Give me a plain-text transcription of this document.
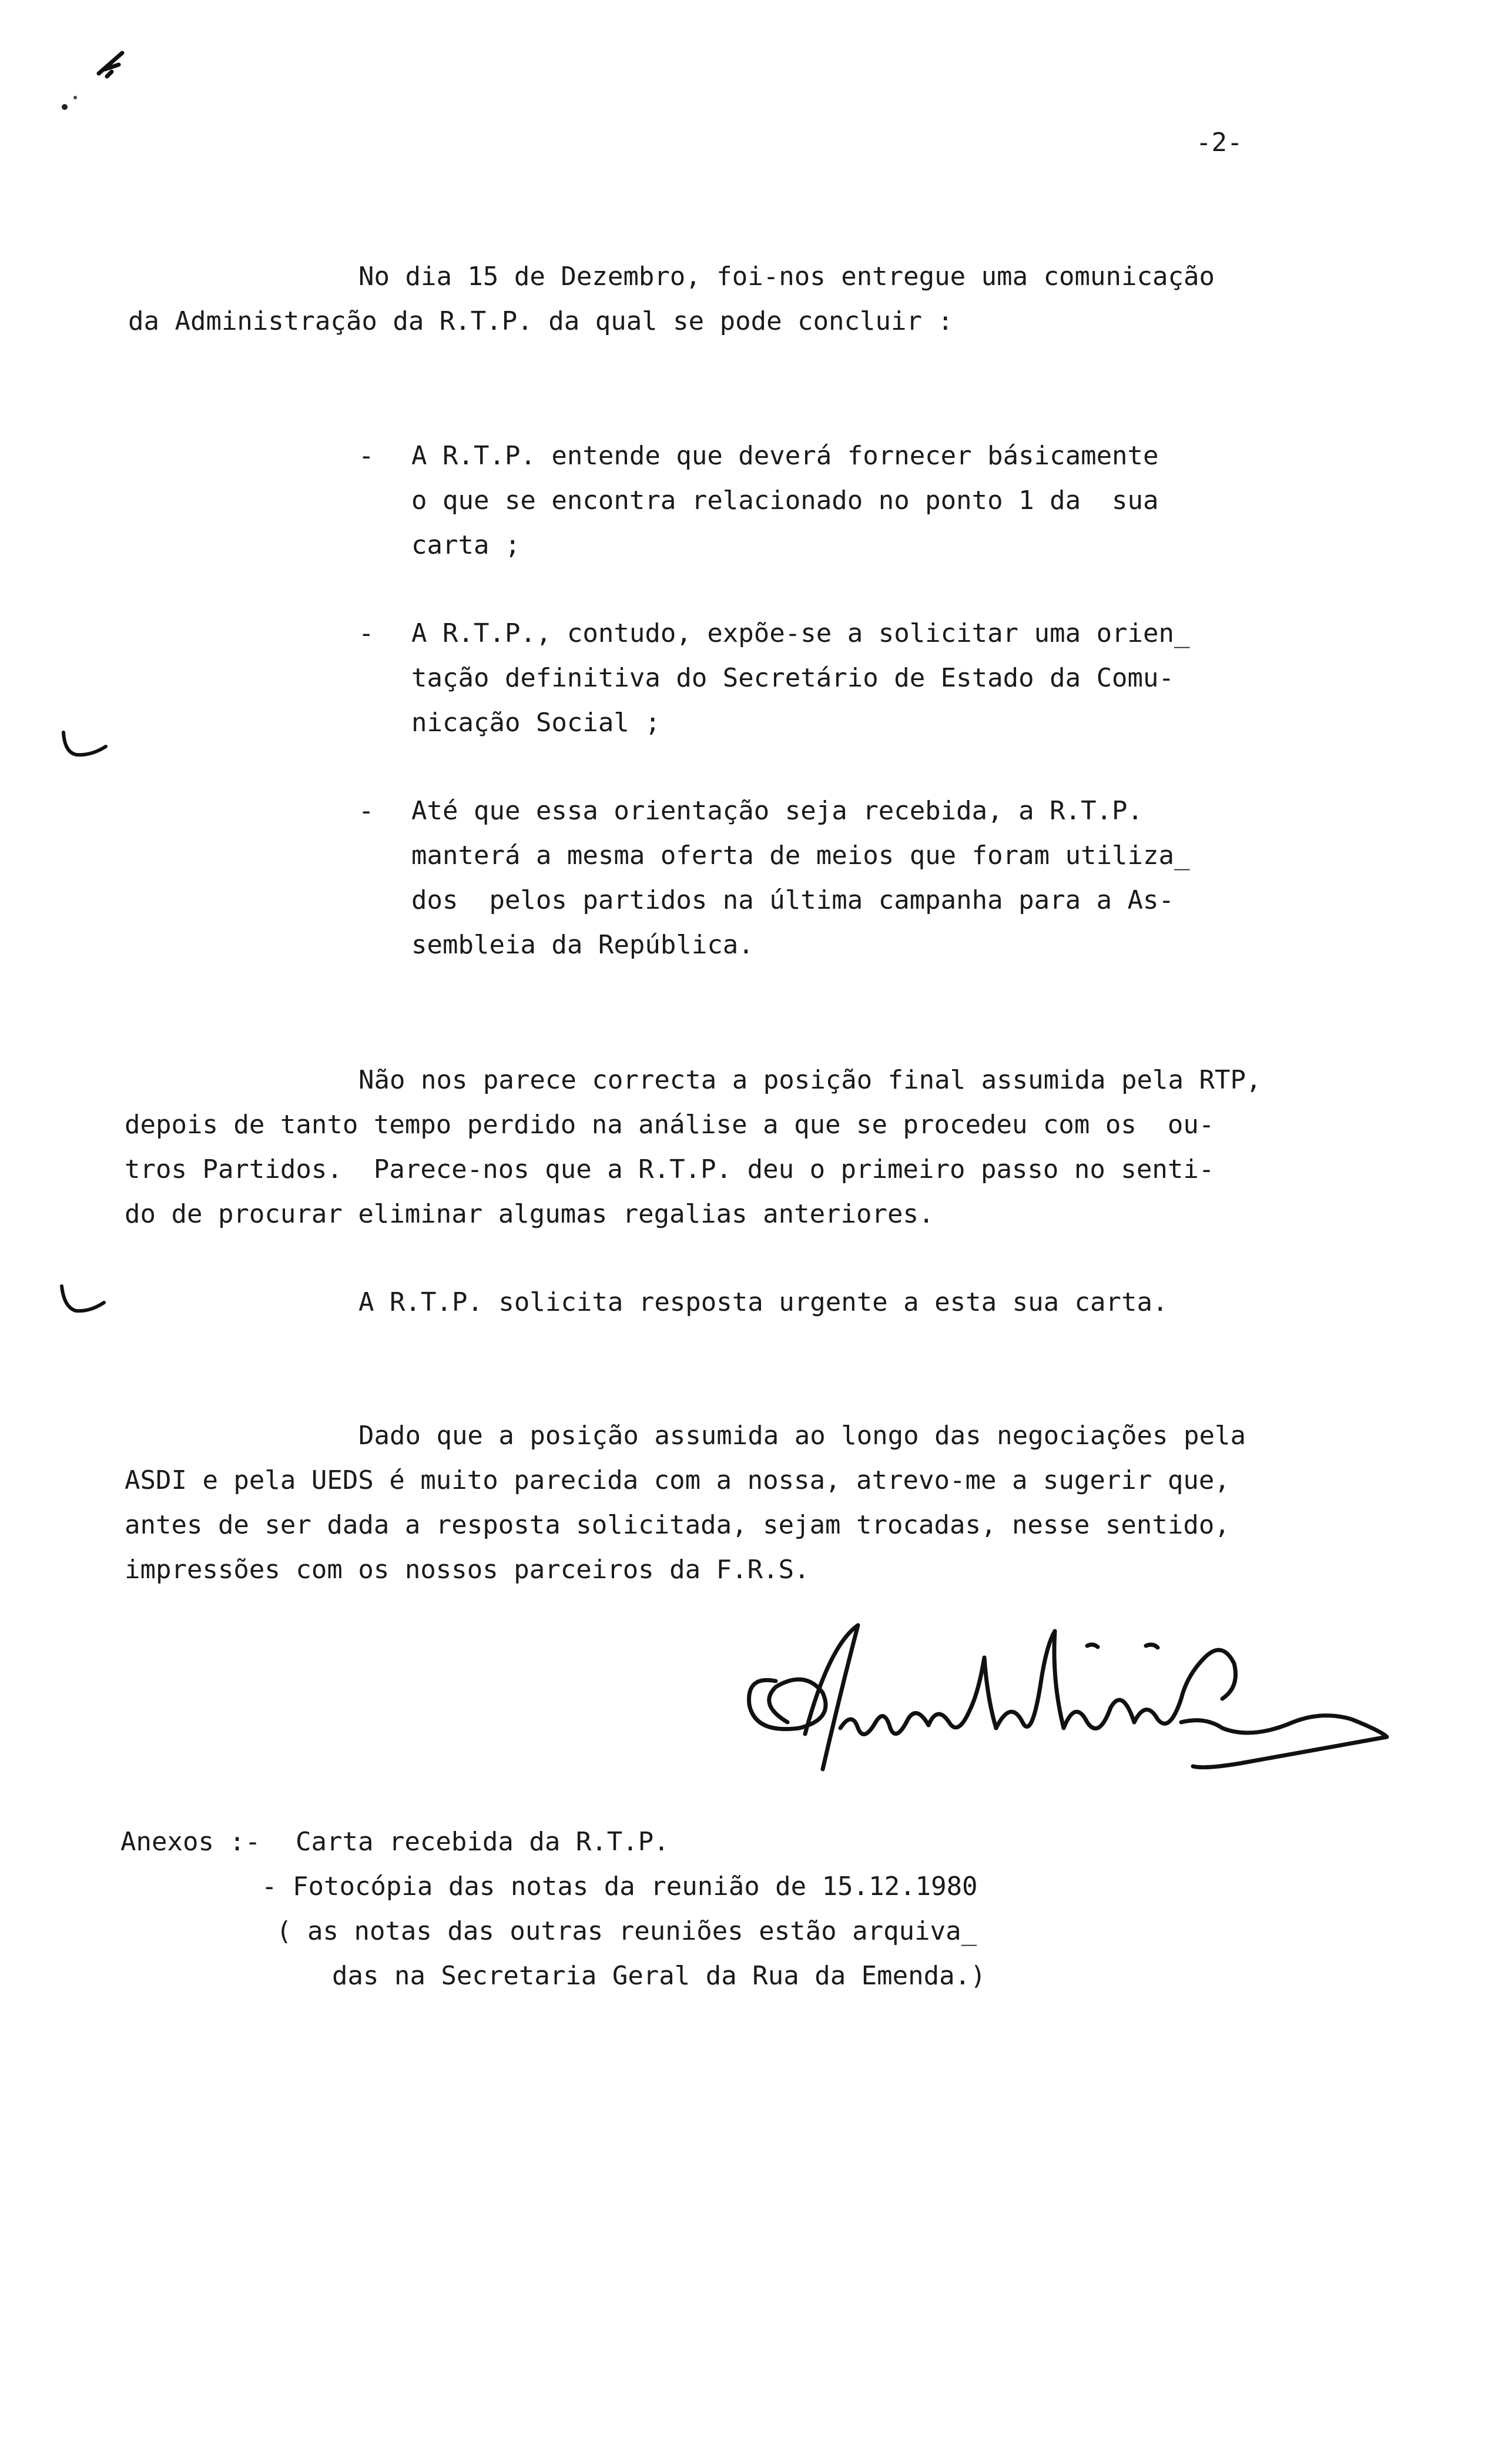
-2-
No dia 15 de Dezembro, foi-nos entregue uma comunicação
da Administração da R.T.P. da qual se pode concluir :
- A R.T.P. entende que deverá fornecer básicamente
o que se encontra relacionado no ponto 1 da  sua
carta ;
- A R.T.P., contudo, expõe-se a solicitar uma orien̲
tação definitiva do Secretário de Estado da Comu-
nicação Social ;
- Até que essa orientação seja recebida, a R.T.P.
manterá a mesma oferta de meios que foram utiliza̲
dos  pelos partidos na última campanha para a As-
sembleia da República.
Não nos parece correcta a posição final assumida pela RTP,
depois de tanto tempo perdido na análise a que se procedeu com os  ou-
tros Partidos.  Parece-nos que a R.T.P. deu o primeiro passo no senti-
do de procurar eliminar algumas regalias anteriores.
A R.T.P. solicita resposta urgente a esta sua carta.
Dado que a posição assumida ao longo das negociações pela
ASDI e pela UEDS é muito parecida com a nossa, atrevo-me a sugerir que,
antes de ser dada a resposta solicitada, sejam trocadas, nesse sentido,
impressões com os nossos parceiros da F.R.S.
Anexos :- Carta recebida da R.T.P.
- Fotocópia das notas da reunião de 15.12.1980
( as notas das outras reuniões estão arquiva̲
das na Secretaria Geral da Rua da Emenda.)
